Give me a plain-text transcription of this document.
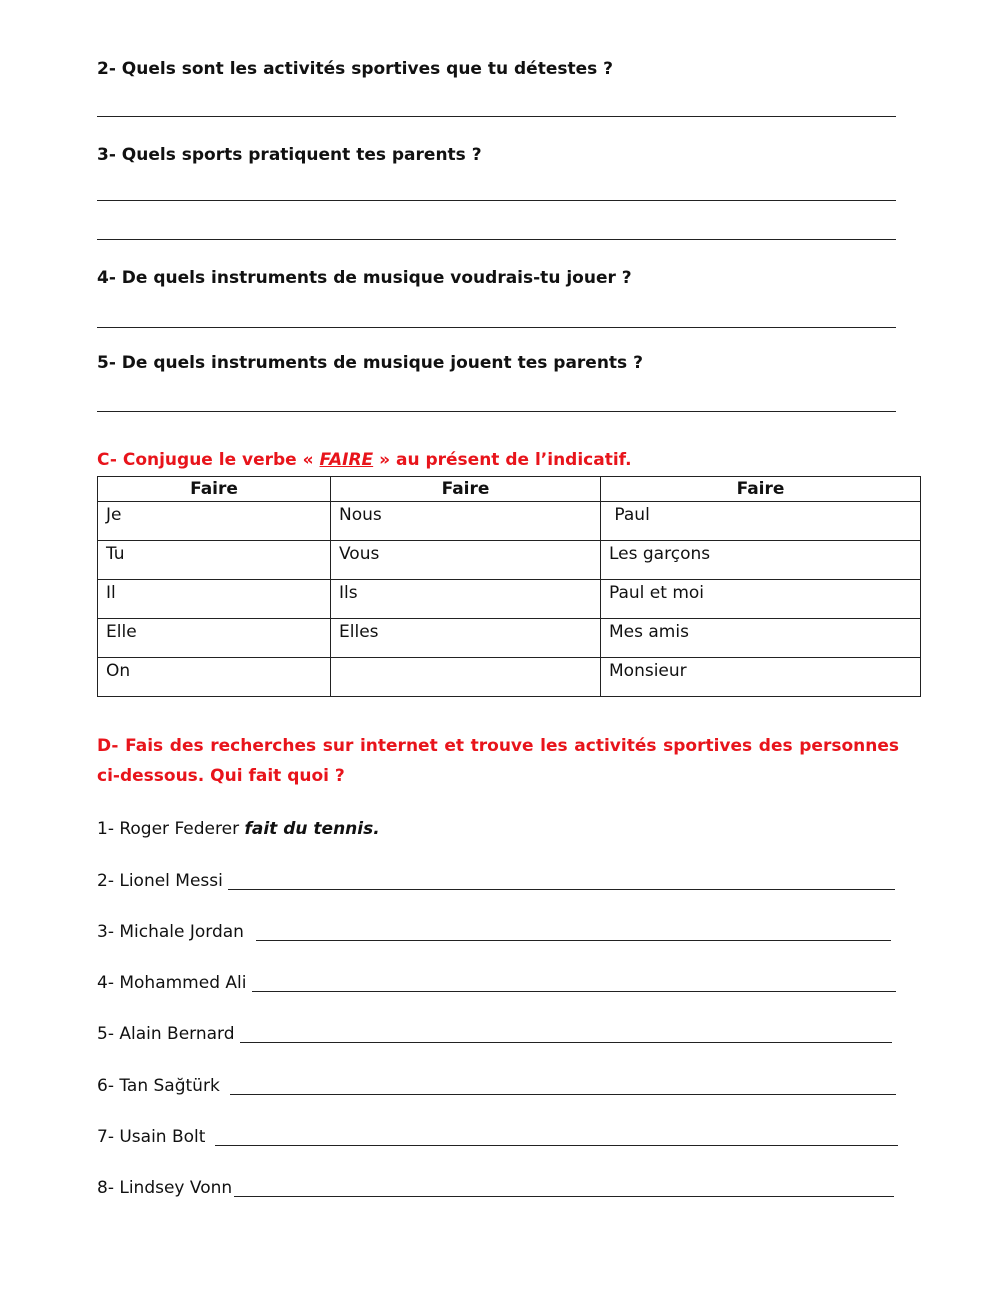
2- Quels sont les activités sportives que tu détestes ?
3- Quels sports pratiquent tes parents ?
4- De quels instruments de musique voudrais-tu jouer ?
5- De quels instruments de musique jouent tes parents ?
C- Conjugue le verbe « FAIRE » au présent de l’indicatif.
Faire	Faire	Faire
Je	Nous	Paul
Tu	Vous	Les garçons
Il	Ils	Paul et moi
Elle	Elles	Mes amis
On		Monsieur
D- Fais des recherches sur internet et trouve les activités sportives des personnes ci-dessous. Qui fait quoi ?
1- Roger Federer fait du tennis.
2- Lionel Messi
3- Michale Jordan
4- Mohammed Ali
5- Alain Bernard
6- Tan Sağtürk
7- Usain Bolt
8- Lindsey Vonn
